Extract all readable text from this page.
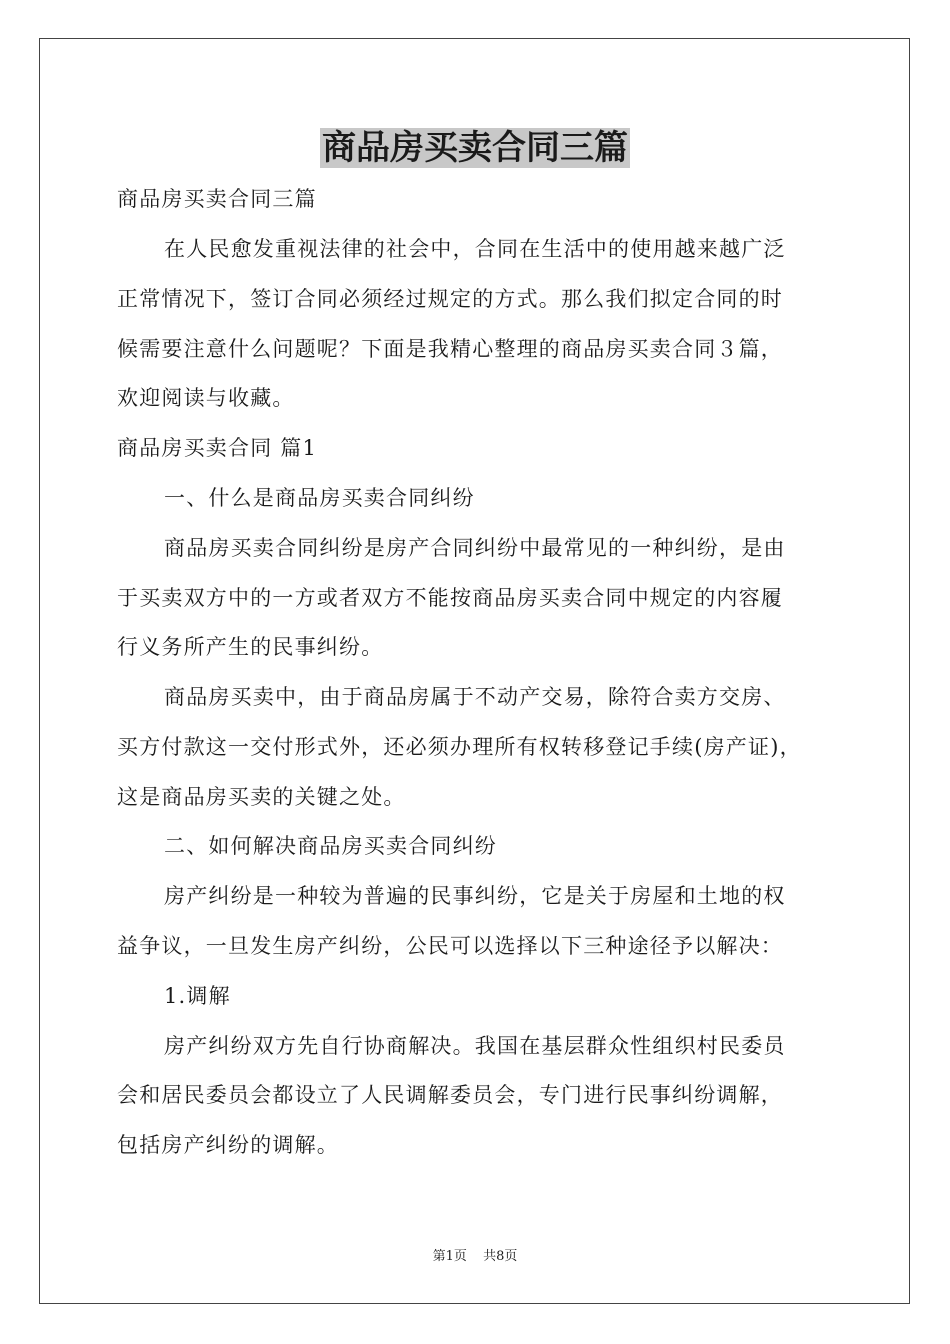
商品房买卖合同三篇
商品房买卖合同三篇
在人民愈发重视法律的社会中，合同在生活中的使用越来越广泛
正常情况下，签订合同必须经过规定的方式。那么我们拟定合同的时
候需要注意什么问题呢？下面是我精心整理的商品房买卖合同３篇，
欢迎阅读与收藏。
商品房买卖合同 篇1
一、什么是商品房买卖合同纠纷
商品房买卖合同纠纷是房产合同纠纷中最常见的一种纠纷，是由
于买卖双方中的一方或者双方不能按商品房买卖合同中规定的内容履
行义务所产生的民事纠纷。
商品房买卖中，由于商品房属于不动产交易，除符合卖方交房、
买方付款这一交付形式外，还必须办理所有权转移登记手续(房产证)，
这是商品房买卖的关键之处。
二、如何解决商品房买卖合同纠纷
房产纠纷是一种较为普遍的民事纠纷，它是关于房屋和土地的权
益争议，一旦发生房产纠纷，公民可以选择以下三种途径予以解决：
1.调解
房产纠纷双方先自行协商解决。我国在基层群众性组织村民委员
会和居民委员会都设立了人民调解委员会，专门进行民事纠纷调解，
包括房产纠纷的调解。
第1页 共8页
